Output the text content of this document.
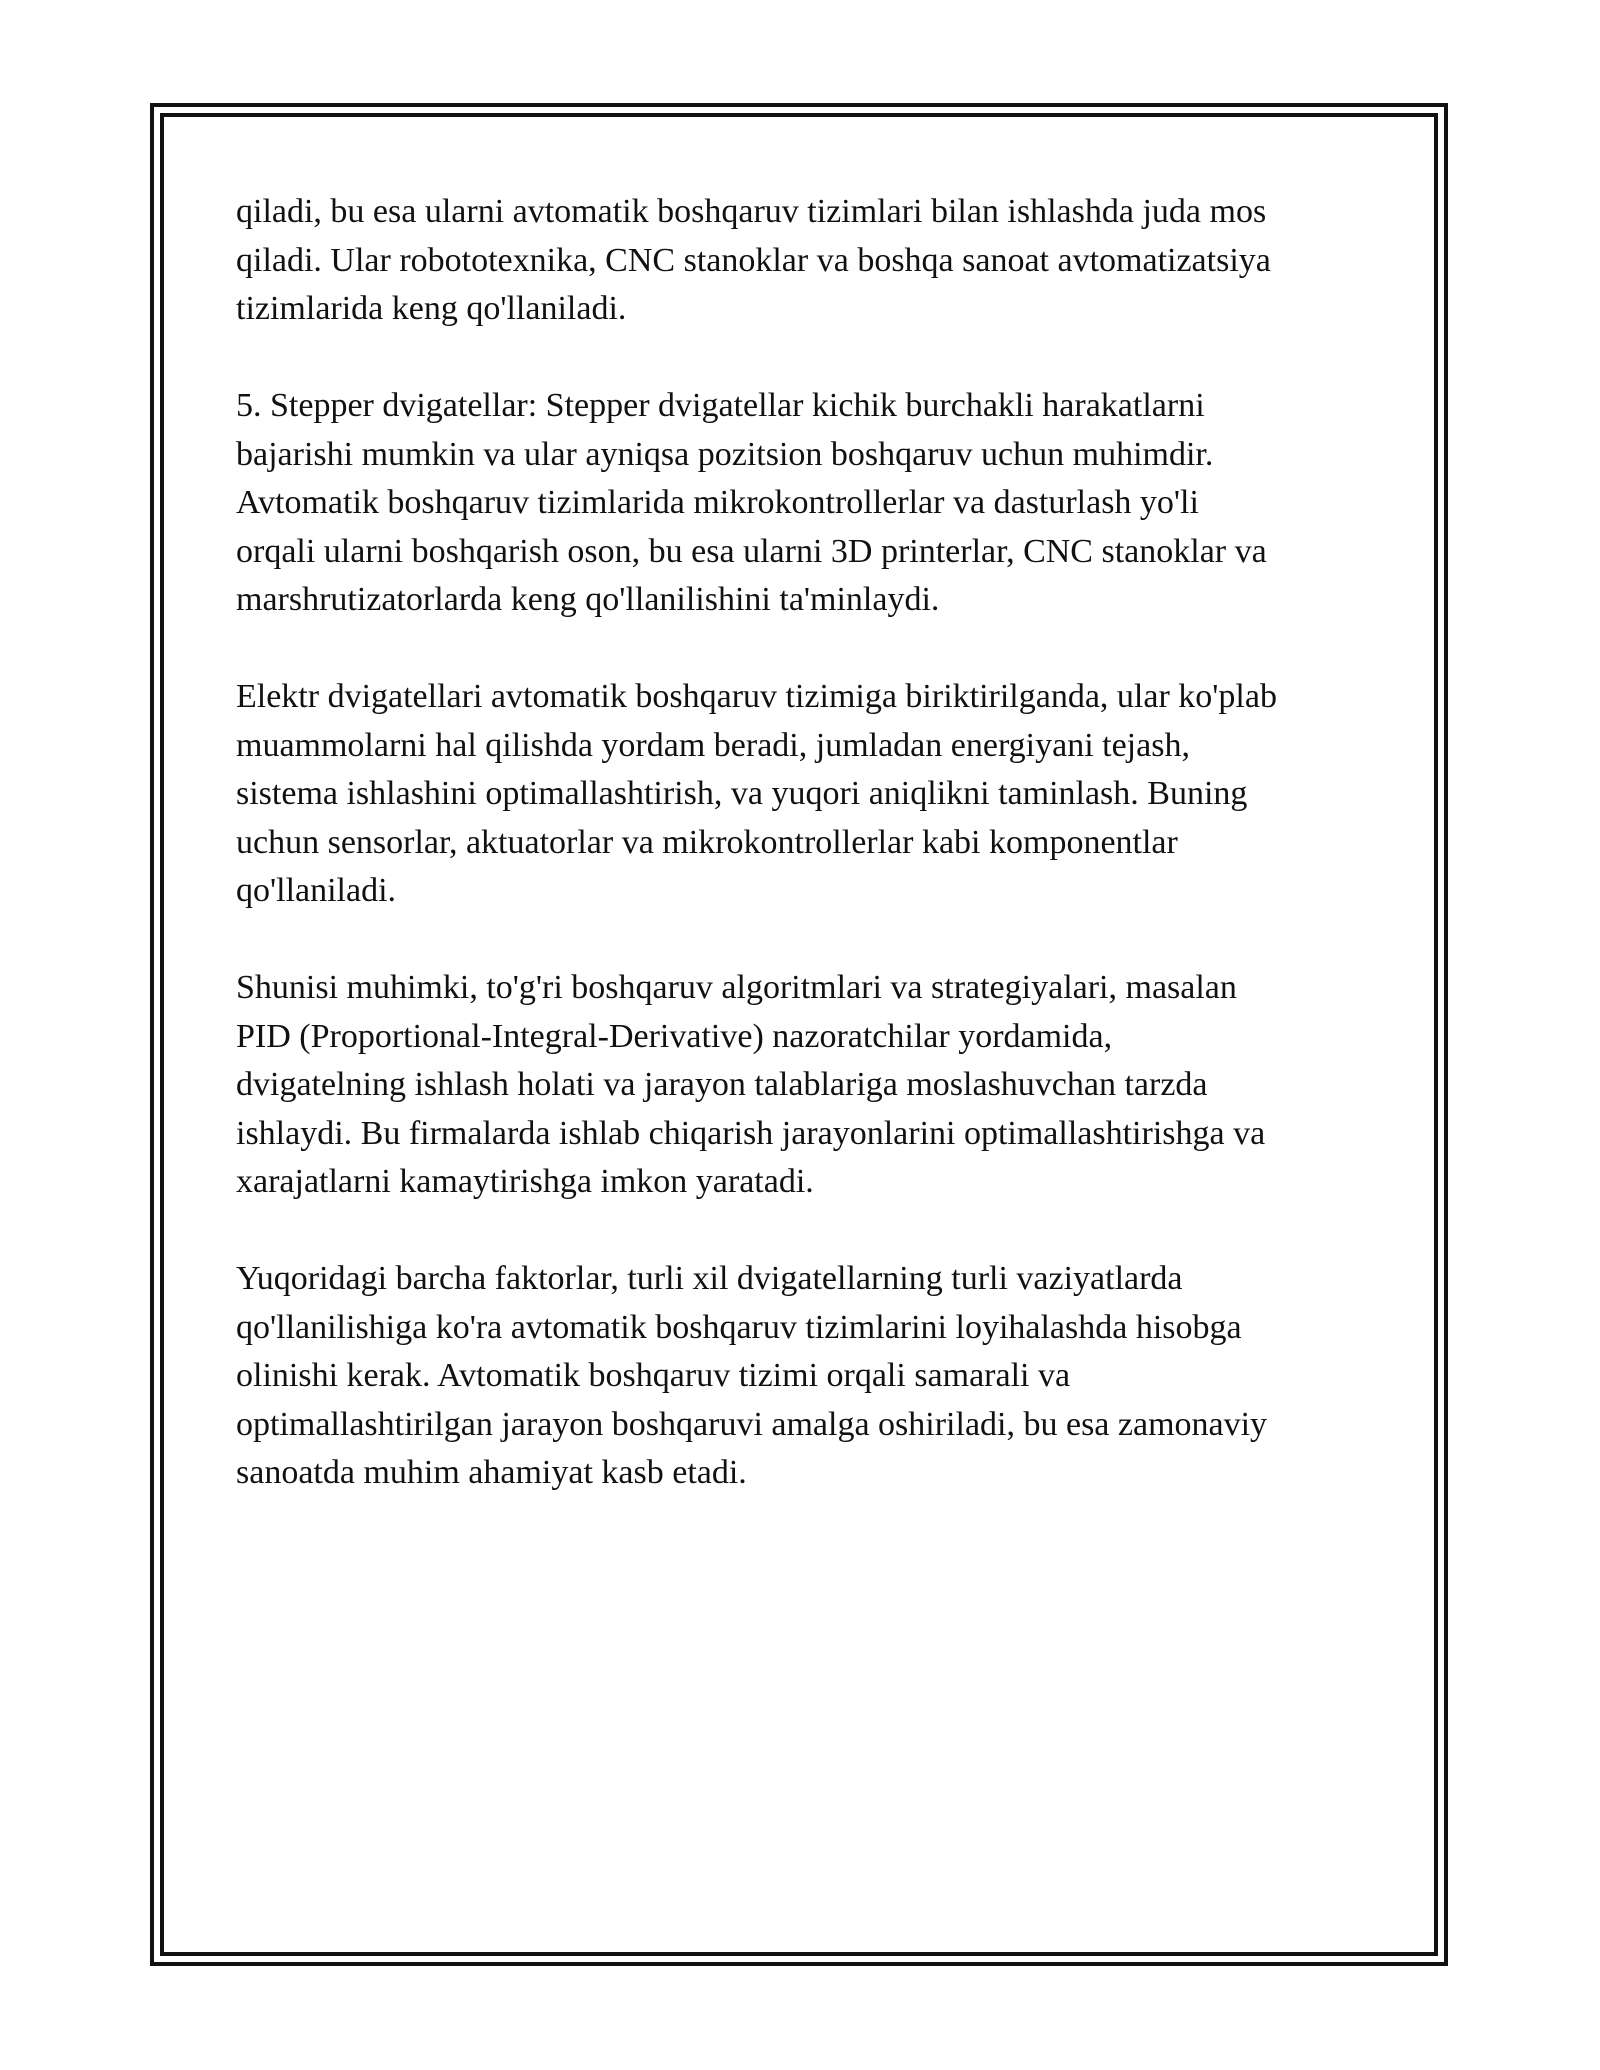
qiladi, bu esa ularni avtomatik boshqaruv tizimlari bilan ishlashda juda mos
qiladi. Ular robototexnika, CNC stanoklar va boshqa sanoat avtomatizatsiya
tizimlarida keng qo'llaniladi.

5. Stepper dvigatellar: Stepper dvigatellar kichik burchakli harakatlarni
bajarishi mumkin va ular ayniqsa pozitsion boshqaruv uchun muhimdir.
Avtomatik boshqaruv tizimlarida mikrokontrollerlar va dasturlash yo'li
orqali ularni boshqarish oson, bu esa ularni 3D printerlar, CNC stanoklar va
marshrutizatorlarda keng qo'llanilishini ta'minlaydi.

Elektr dvigatellari avtomatik boshqaruv tizimiga biriktirilganda, ular ko'plab
muammolarni hal qilishda yordam beradi, jumladan energiyani tejash,
sistema ishlashini optimallashtirish, va yuqori aniqlikni taminlash. Buning
uchun sensorlar, aktuatorlar va mikrokontrollerlar kabi komponentlar
qo'llaniladi.

Shunisi muhimki, to'g'ri boshqaruv algoritmlari va strategiyalari, masalan
PID (Proportional-Integral-Derivative) nazoratchilar yordamida,
dvigatelning ishlash holati va jarayon talablariga moslashuvchan tarzda
ishlaydi. Bu firmalarda ishlab chiqarish jarayonlarini optimallashtirishga va
xarajatlarni kamaytirishga imkon yaratadi.

Yuqoridagi barcha faktorlar, turli xil dvigatellarning turli vaziyatlarda
qo'llanilishiga ko'ra avtomatik boshqaruv tizimlarini loyihalashda hisobga
olinishi kerak. Avtomatik boshqaruv tizimi orqali samarali va
optimallashtirilgan jarayon boshqaruvi amalga oshiriladi, bu esa zamonaviy
sanoatda muhim ahamiyat kasb etadi.
